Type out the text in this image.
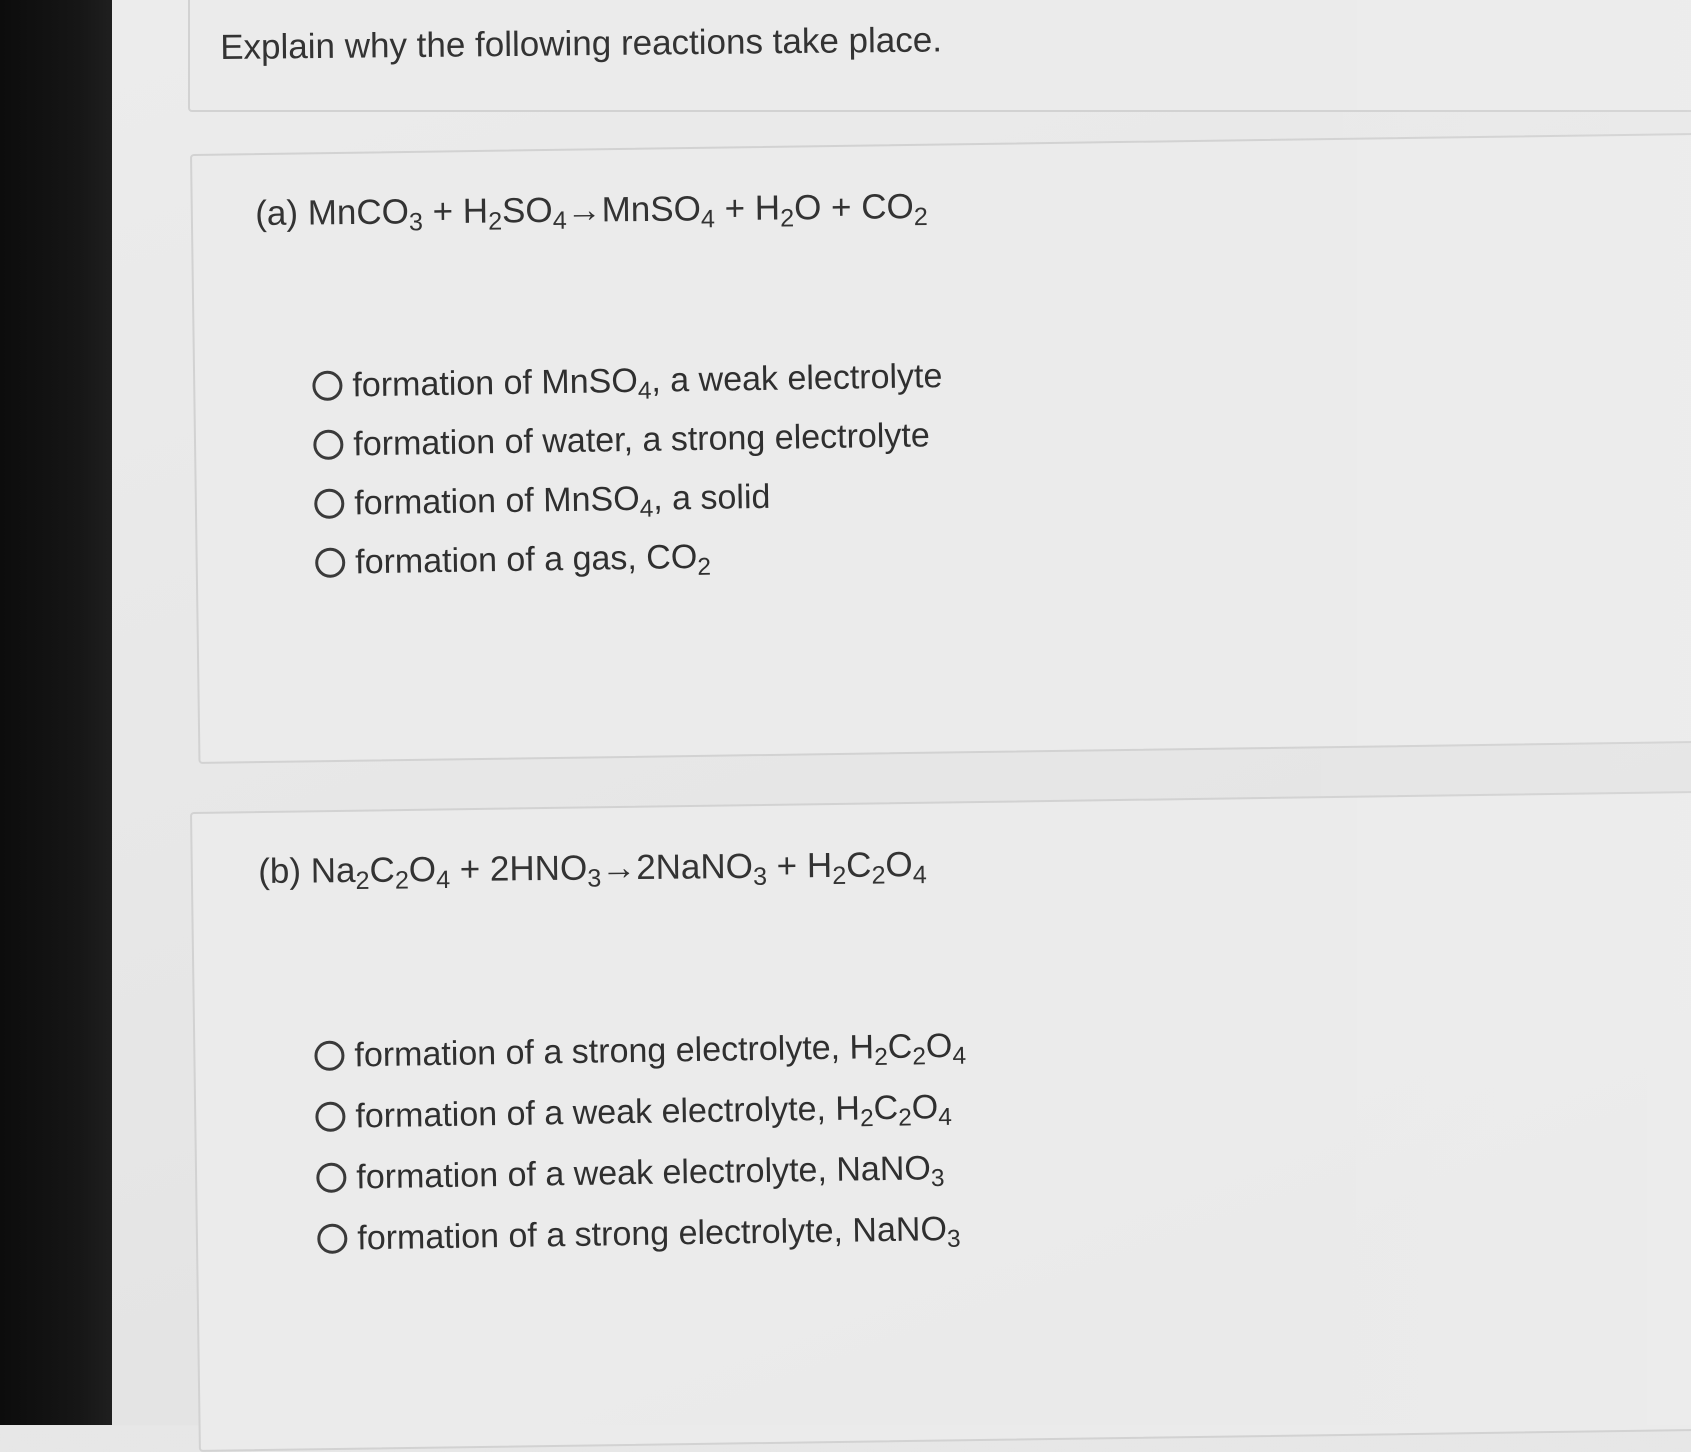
Explain why the following reactions take place.
(a) MnCO$_3$ + $H_2SO_4\to MnSO_4 + H_2O + CO_2$
formation of MnSO$_4$, a weak electrolyte
formation of water, a strong electrolyte
formation of MnSO$_4$, a solid
formation of a gas, $CO_2$
(b) $Na_2C_2O_4$ + $2HNO_3\to 2NaNO_3 + H_2C_2O_4$
formation of a strong electrolyte, $H_2C_2O_4$
formation of a weak electrolyte, $H_2C_2O_4$
formation of a weak electrolyte, NaNO$_3$
formation of a strong electrolyte, NaNO$_3$
